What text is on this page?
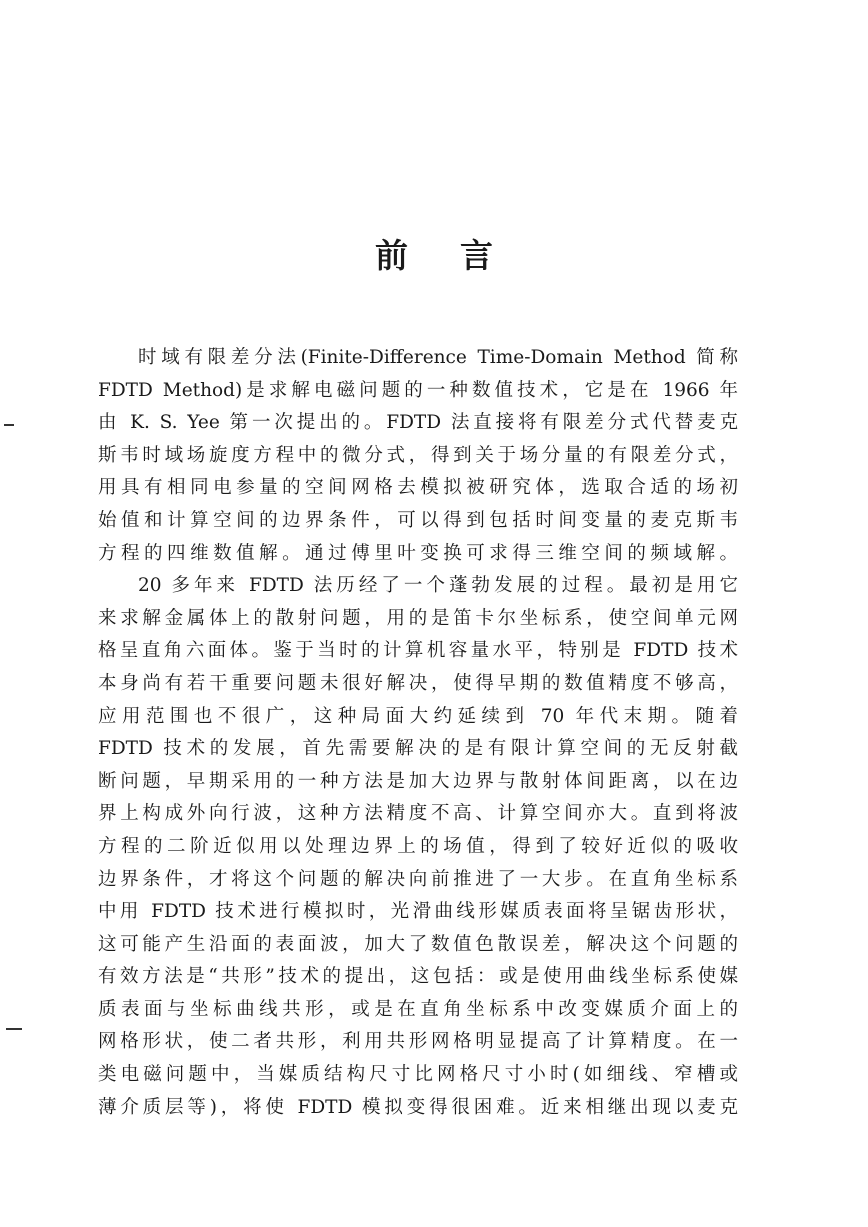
前 言
时域有限差分法(Finite-Difference Time-Domain Method 简称
FDTD Method)是求解电磁问题的一种数值技术，它是在 1966 年
由 K. S. Yee 第一次提出的。FDTD 法直接将有限差分式代替麦克
斯韦时域场旋度方程中的微分式，得到关于场分量的有限差分式，
用具有相同电参量的空间网格去模拟被研究体，选取合适的场初
始值和计算空间的边界条件，可以得到包括时间变量的麦克斯韦
方程的四维数值解。通过傅里叶变换可求得三维空间的频域解。
20 多年来 FDTD 法历经了一个蓬勃发展的过程。最初是用它
来求解金属体上的散射问题，用的是笛卡尔坐标系，使空间单元网
格呈直角六面体。鉴于当时的计算机容量水平，特别是 FDTD 技术
本身尚有若干重要问题未很好解决，使得早期的数值精度不够高，
应用范围也不很广，这种局面大约延续到 70 年代末期。随着
FDTD 技术的发展，首先需要解决的是有限计算空间的无反射截
断问题，早期采用的一种方法是加大边界与散射体间距离，以在边
界上构成外向行波，这种方法精度不高、计算空间亦大。直到将波
方程的二阶近似用以处理边界上的场值，得到了较好近似的吸收
边界条件，才将这个问题的解决向前推进了一大步。在直角坐标系
中用 FDTD 技术进行模拟时，光滑曲线形媒质表面将呈锯齿形状，
这可能产生沿面的表面波，加大了数值色散误差，解决这个问题的
有效方法是“共形”技术的提出，这包括：或是使用曲线坐标系使媒
质表面与坐标曲线共形，或是在直角坐标系中改变媒质介面上的
网格形状，使二者共形，利用共形网格明显提高了计算精度。在一
类电磁问题中，当媒质结构尺寸比网格尺寸小时(如细线、窄槽或
薄介质层等)，将使 FDTD 模拟变得很困难。近来相继出现以麦克
